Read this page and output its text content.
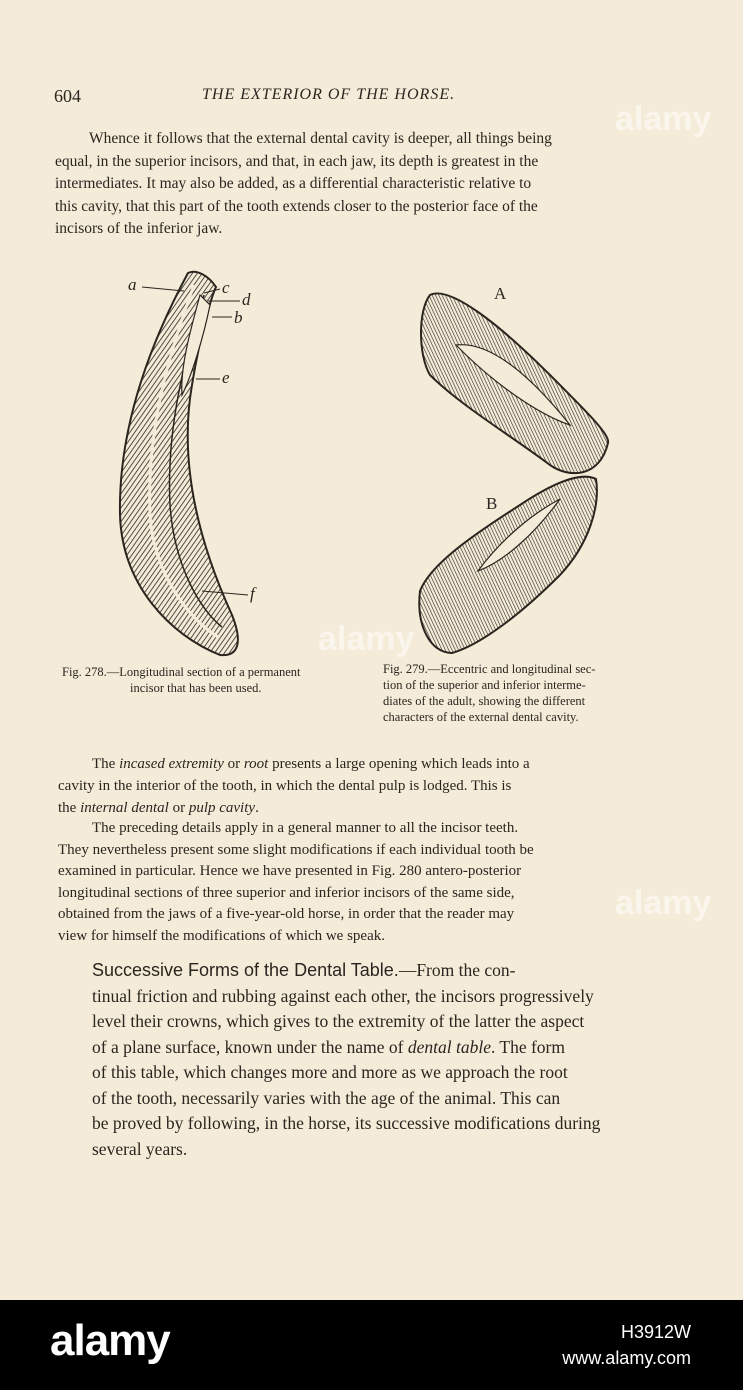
alamy
alamy
alamy
604	THE EXTERIOR OF THE HORSE.
Whence it follows that the external dental cavity is deeper, all things being
equal, in the superior incisors, and that, in each jaw, its depth is greatest in the
intermediates. It may also be added, as a differential characteristic relative to
this cavity, that this part of the tooth extends closer to the posterior face of the
incisors of the inferior jaw.
a	c
d
b
e
f
A
B
Fig. 278.—Longitudinal section of a permanent
incisor that has been used.
Fig. 279.—Eccentric and longitudinal sec-
tion of the superior and inferior interme-
diates of the adult, showing the different
characters of the external dental cavity.
The incased extremity or root presents a large opening which leads into a
cavity in the interior of the tooth, in which the dental pulp is lodged. This is
the internal dental or pulp cavity.
The preceding details apply in a general manner to all the incisor teeth.
They nevertheless present some slight modifications if each individual tooth be
examined in particular. Hence we have presented in Fig. 280 antero-posterior
longitudinal sections of three superior and inferior incisors of the same side,
obtained from the jaws of a five-year-old horse, in order that the reader may
view for himself the modifications of which we speak.
Successive Forms of the Dental Table.—From the con-
tinual friction and rubbing against each other, the incisors progressively
level their crowns, which gives to the extremity of the latter the aspect
of a plane surface, known under the name of dental table. The form
of this table, which changes more and more as we approach the root
of the tooth, necessarily varies with the age of the animal. This can
be proved by following, in the horse, its successive modifications during
several years.
alamy	H3912W
www.alamy.com
